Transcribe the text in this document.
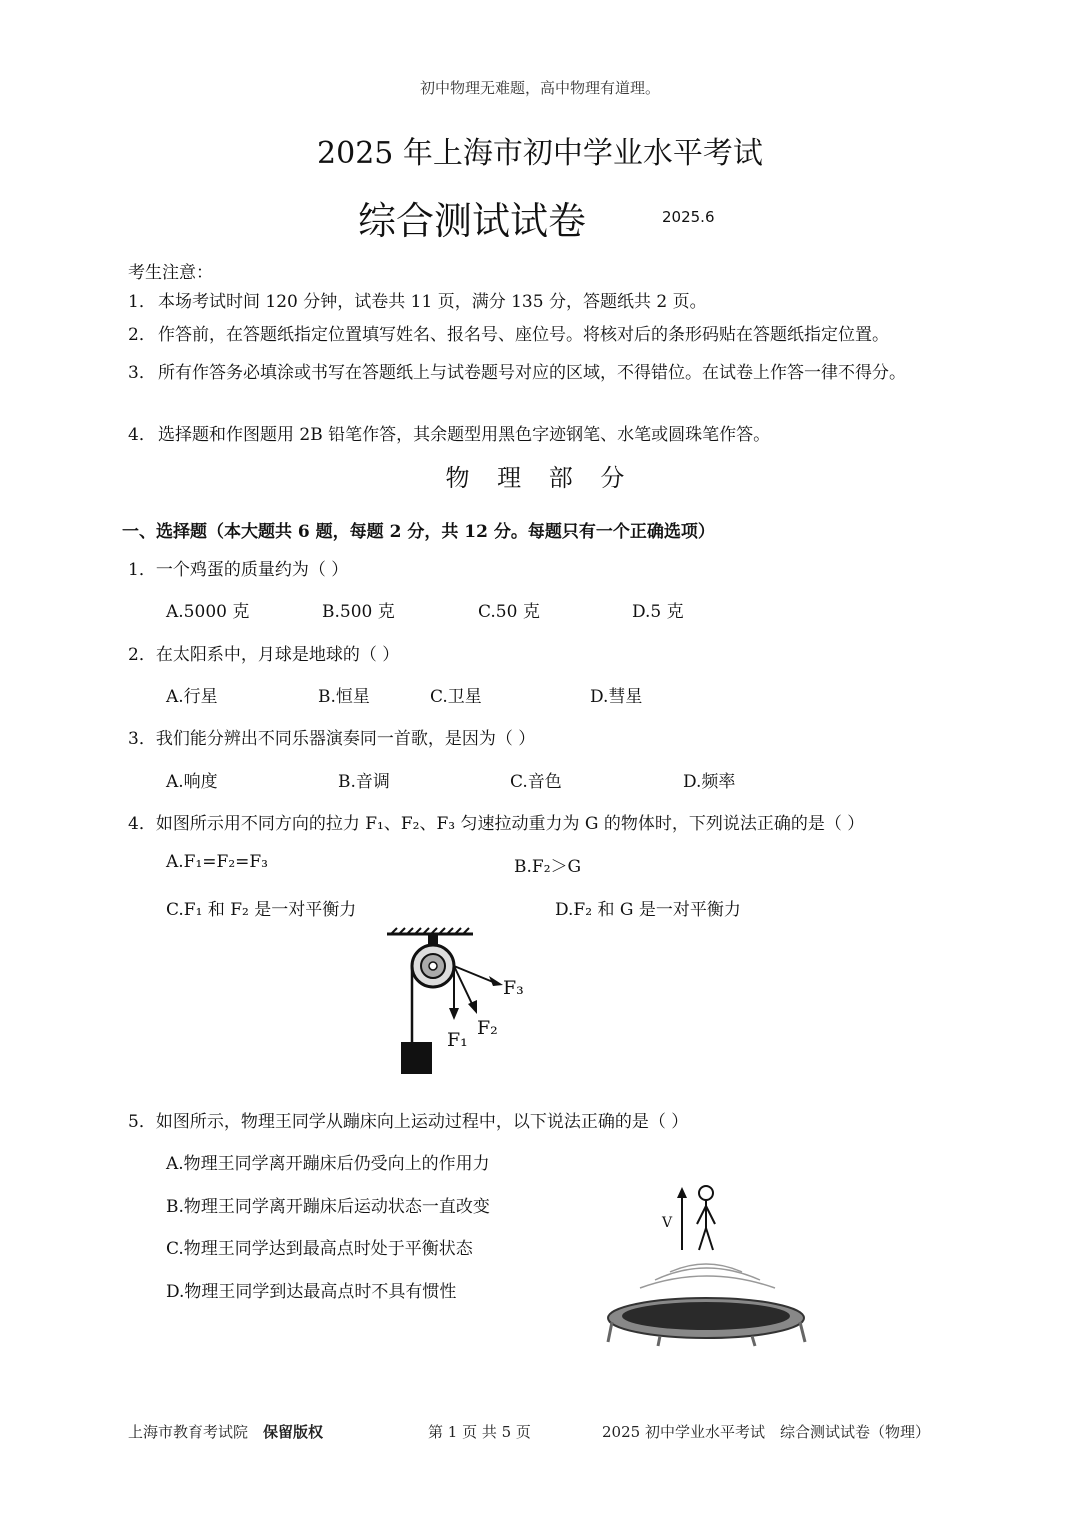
初中物理无难题，高中物理有道理。
2025 年上海市初中学业水平考试
综合测试试卷	2025.6
考生注意：
1． 本场考试时间 120 分钟，试卷共 11 页，满分 135 分，答题纸共 2 页。
2． 作答前，在答题纸指定位置填写姓名、报名号、座位号。将核对后的条形码贴在答题纸指定位置。
3． 所有作答务必填涂或书写在答题纸上与试卷题号对应的区域，不得错位。在试卷上作答一律不得分。
4． 选择题和作图题用 2B 铅笔作答，其余题型用黑色字迹钢笔、水笔或圆珠笔作答。
物 理 部 分
一、选择题（本大题共 6 题，每题 2 分，共 12 分。每题只有一个正确选项）
1．一个鸡蛋的质量约为（ ）
A.5000 克	B.500 克	C.50 克	D.5 克
2．在太阳系中，月球是地球的（ ）
A.行星	B.恒星	C.卫星	D.彗星
3．我们能分辨出不同乐器演奏同一首歌，是因为（ ）
A.响度	B.音调	C.音色	D.频率
4．如图所示用不同方向的拉力 F₁、F₂、F₃ 匀速拉动重力为 G 的物体时，下列说法正确的是（ ）
A.F₁=F₂=F₃	B.F₂＞G
C.F₁ 和 F₂ 是一对平衡力	D.F₂ 和 G 是一对平衡力
F₁
F₂
F₃
5．如图所示，物理王同学从蹦床向上运动过程中，以下说法正确的是（ ）
A.物理王同学离开蹦床后仍受向上的作用力
B.物理王同学离开蹦床后运动状态一直改变
C.物理王同学达到最高点时处于平衡状态
D.物理王同学到达最高点时不具有惯性
V
上海市教育考试院　 保留版权	第 1 页 共 5 页	2025 初中学业水平考试　综合测试试卷（物理）
